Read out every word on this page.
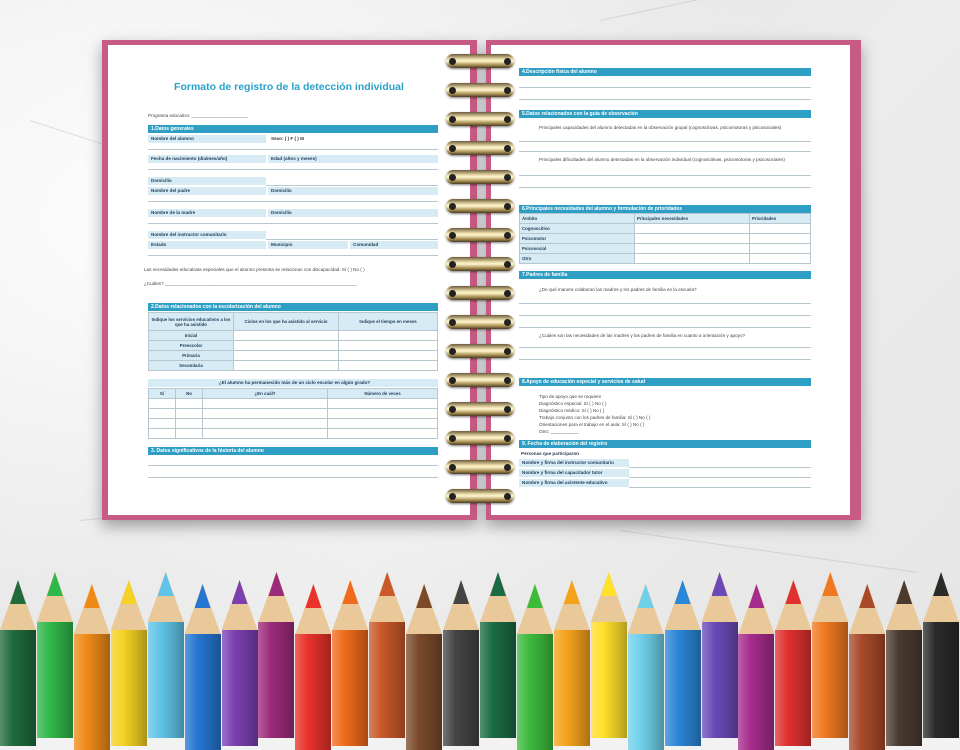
Formato de registro de la detección individual
Programa educativo: ______________________
1.Datos generales
Nombre del alumno	Sexo: ( ) F ( ) M
Fecha de nacimiento (día/mes/año)	Edad (años y meses)
Domicilio
Nombre del padre	Domicilio
Nombre de la madre	Domicilio
Nombre del instructor comunitario
Estado	Municipio	Comunidad
Las necesidades educativas especiales que el alumno presenta se relacionan con discapacidad: Sí ( ) No ( )
¿Cuáles? ___________________________________________________________________________
2.Datos relacionados con la escolarización del alumno
Indique los servicios educativos a los que ha asistido	Ciclos en los que ha asistido al servicio	Indique el tiempo en meses
Inicial		
Preescolar		
Primaria		
Secundaria		
¿El alumno ha permanecido más de un ciclo escolar en algún grado?
Sí	No	¿En cuál?	Número de veces

3. Datos significativos de la historia del alumno
4.Descripción física del alumno
5.Datos relacionados con la guía de observación
Principales capacidades del alumno detectadas en la observación grupal (cognoscitivas, psicomotoras y psicosociales)
Principales dificultades del alumno detectadas en la observación individual (cognoscitivas, psicomotoras y psicosociales)
6.Principales necesidades del alumno y formulación de prioridades
Ámbito	Principales necesidades	Prioridades
Cognoscitivo		
Psicomotor		
Psicosocial		
Otro		
7.Padres de familia
¿De qué manera colaboran las madres y los padres de familia en la escuela?
¿Cuáles son las necesidades de las madres y los padres de familia en cuanto a orientación y apoyo?
8.Apoyo de educación especial y servicios de salud
Tipo de apoyo que se requiere
Diagnóstico especial: Sí ( ) No ( )
Diagnóstico médico: Sí ( ) No ( )
Trabajo conjunto con los padres de familia: Sí ( ) No ( )
Orientaciones para el trabajo en el aula: Sí ( ) No ( )
Otro: ___________
9. Fecha de elaboración del registro
Personas que participaron
Nombre y firma del instructor comunitario
Nombre y firma del capacitador tutor
Nombre y firma del asistente educativo
